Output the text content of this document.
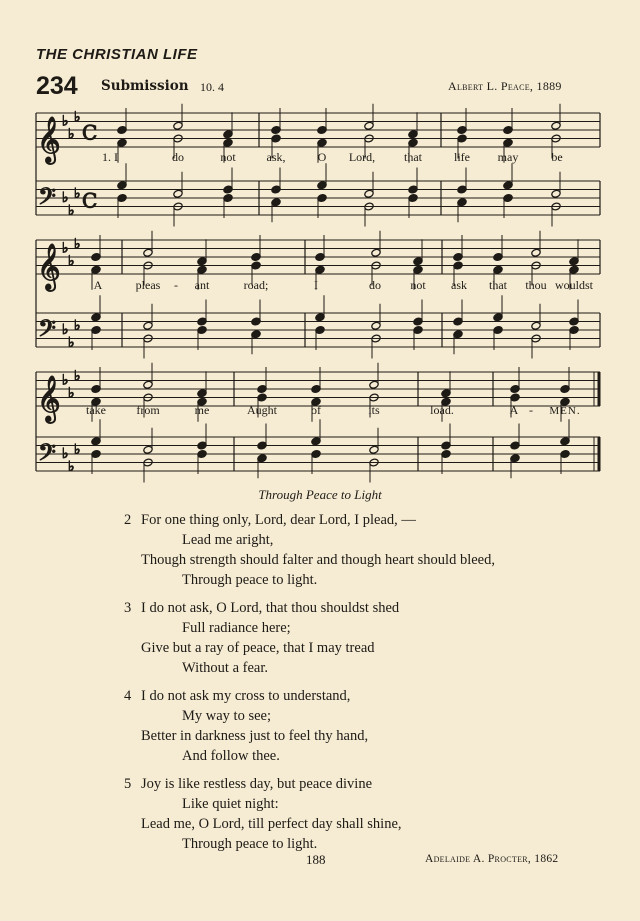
THE CHRISTIAN LIFE
234 Submission 10. 4	Albert L. Peace, 1889
𝄞 ♭
♭
♭
C
𝄢 ♭
♭
♭ C
𝄞 ♭
♭
♭
𝄢 ♭
♭
♭
𝄞 ♭
♭
♭
𝄢 ♭
♭
♭
1. I	do	not	ask,	O Lord, that	life may	be
A	pleas - ant	road;	I	do not ask that thou wouldst
take	from	me	Aught	of	its	load.	A - MEN.
Through Peace to Light
2 For one thing only, Lord, dear Lord, I plead, —
Lead me aright,
Though strength should falter and though heart should bleed,
Through peace to light.
3 I do not ask, O Lord, that thou shouldst shed
Full radiance here;
Give but a ray of peace, that I may tread
Without a fear.
4 I do not ask my cross to understand,
My way to see;
Better in darkness just to feel thy hand,
And follow thee.
5 Joy is like restless day, but peace divine
Like quiet night:
Lead me, O Lord, till perfect day shall shine,
Through peace to light.
188	Adelaide A. Procter, 1862
